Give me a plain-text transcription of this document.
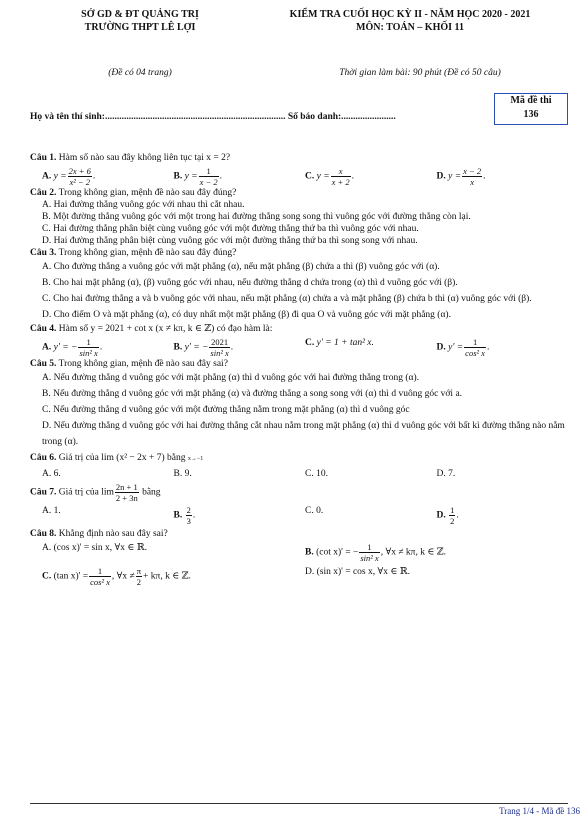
SỞ GD & ĐT QUẢNG TRỊ
TRƯỜNG THPT LÊ LỢI
KIỂM TRA CUỐI HỌC KỲ II - NĂM HỌC 2020 - 2021
MÔN: TOÁN – KHỐI 11
(Đề có 04 trang)	Thời gian làm bài: 90 phút (Đề có 50 câu)
Mã đề thi
136
Họ và tên thí sinh:............................................................................ Số báo danh:.......................
Câu 1. Hàm số nào sau đây không liên tục tại x = 2?
A. $y = \frac{2x + 6}{\text{x² − 2}}$ .	B. $y = \frac{1}{x - 2}$ .	C. $y = \frac{x}{x + 2}$ .	D. $y = \frac{x - 2}{x}$ .
Câu 2. Trong không gian, mệnh đề nào sau đây đúng?
A. Hai đường thẳng vuông góc với nhau thì cắt nhau.
B. Một đường thẳng vuông góc với một trong hai đường thẳng song song thì vuông góc với đường thẳng còn lại.
C. Hai đường thẳng phân biệt cùng vuông góc với một đường thẳng thứ ba thì vuông góc với nhau.
D. Hai đường thẳng phân biệt cùng vuông góc với một đường thẳng thứ ba thì song song với nhau.
Câu 3. Trong không gian, mệnh đề nào sau đây đúng?
A. Cho đường thẳng a vuông góc với mặt phẳng (α), nếu mặt phẳng (β) chứa a thì (β) vuông góc với (α).
B. Cho hai mặt phẳng (α), (β) vuông góc với nhau, nếu đường thẳng d chứa trong (α) thì d vuông góc với (β).
C. Cho hai đường thẳng a và b vuông góc với nhau, nếu mặt phẳng (α) chứa a và mặt phẳng (β) chứa b thì (α) vuông góc với (β).
D. Cho điểm O và mặt phẳng (α), có duy nhất một mặt phẳng (β) đi qua O và vuông góc với mặt phẳng (α).
Câu 4. Hàm số y = 2021 + cot x (x ≠ kπ, k ∈ ℤ) có đạo hàm là:
A. y' = − $\frac{1}{\text{sin² x}}$ .	B. y' = − $\frac{2021}{\text{sin² x}}$ .	C. y' = 1 + tan² x.	D. $y' = \frac{1}{\text{cos² x}}$ .
Câu 5. Trong không gian, mệnh đề nào sau đây sai?
A. Nếu đường thẳng d vuông góc với mặt phẳng (α) thì d vuông góc với hai đường thẳng trong (α).
B. Nếu đường thẳng d vuông góc với mặt phẳng (α) và đường thẳng a song song với (α) thì d vuông góc với a.
C. Nếu đường thẳng d vuông góc với một đường thẳng nằm trong mặt phẳng (α) thì d vuông góc
D. Nếu đường thẳng d vuông góc với hai đường thẳng cắt nhau nằm trong mặt phẳng (α) thì d vuông góc với bất kì đường thẳng nào nằm trong (α).
Câu 6. Giá trị của lim (x² − 2x + 7) bằng x→−1
A. 6.	B. 9.	C. 10.	D. 7.
Câu 7. Giá trị của $\lim \frac{2n + 1}{2 + 3n}$ bằng
A. 1.	B. $\frac{2}{3}$ .	C. 0.	D. $\frac{1}{2}$ .
Câu 8. Khẳng định nào sau đây sai?
A. (cos x)' = sin x, ∀x ∈ ℝ.	B. (cot x)' = − $\frac{1}{\text{sin² x}}$ , ∀x ≠ kπ, k ∈ ℤ.
C. (tan $x)' = \frac{1}{\text{cos² x}}$ , ∀x ≠ $\frac{\pi}{2} + k\pi$, k ∈ ℤ.	D. (sin x)' = cos x, ∀x ∈ ℝ.
Trang 1/4 - Mã đề 136
